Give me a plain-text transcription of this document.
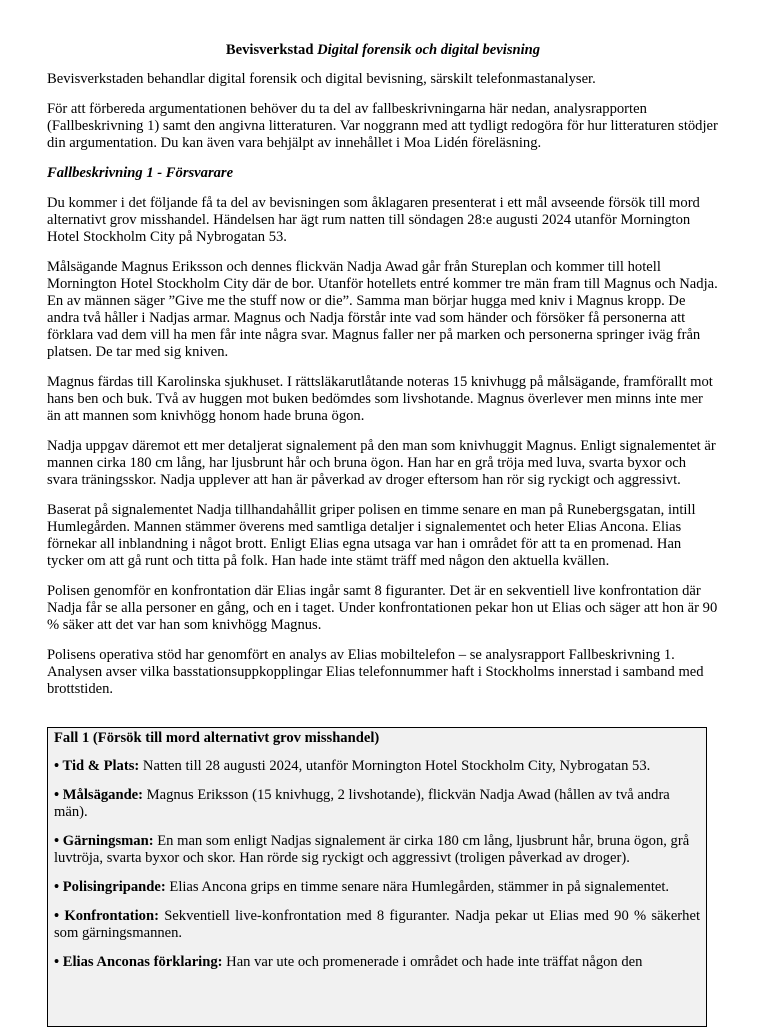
Bevisverkstad Digital forensik och digital bevisning

Bevisverkstaden behandlar digital forensik och digital bevisning, särskilt telefonmastanalyser.

För att förbereda argumentationen behöver du ta del av fallbeskrivningarna här nedan, analysrapporten (Fallbeskrivning 1) samt den angivna litteraturen. Var noggrann med att tydligt redogöra för hur litteraturen stödjer din argumentation. Du kan även vara behjälpt av innehållet i Moa Lidén föreläsning.

Fallbeskrivning 1 - Försvarare

Du kommer i det följande få ta del av bevisningen som åklagaren presenterat i ett mål avseende försök till mord alternativt grov misshandel. Händelsen har ägt rum natten till söndagen 28:e augusti 2024 utanför Mornington Hotel Stockholm City på Nybrogatan 53.

Målsägande Magnus Eriksson och dennes flickvän Nadja Awad går från Stureplan och kommer till hotell Mornington Hotel Stockholm City där de bor. Utanför hotellets entré kommer tre män fram till Magnus och Nadja. En av männen säger ”Give me the stuff now or die”. Samma man börjar hugga med kniv i Magnus kropp. De andra två håller i Nadjas armar. Magnus och Nadja förstår inte vad som händer och försöker få personerna att förklara vad dem vill ha men får inte några svar. Magnus faller ner på marken och personerna springer iväg från platsen. De tar med sig kniven.

Magnus färdas till Karolinska sjukhuset. I rättsläkarutlåtande noteras 15 knivhugg på målsägande, framförallt mot hans ben och buk. Två av huggen mot buken bedömdes som livshotande. Magnus överlever men minns inte mer än att mannen som knivhögg honom hade bruna ögon.

Nadja uppgav däremot ett mer detaljerat signalement på den man som knivhuggit Magnus. Enligt signalementet är mannen cirka 180 cm lång, har ljusbrunt hår och bruna ögon. Han har en grå tröja med luva, svarta byxor och svara träningsskor. Nadja upplever att han är påverkad av droger eftersom han rör sig ryckigt och aggressivt.

Baserat på signalementet Nadja tillhandahållit griper polisen en timme senare en man på Runebergsgatan, intill Humlegården. Mannen stämmer överens med samtliga detaljer i signalementet och heter Elias Ancona. Elias förnekar all inblandning i något brott. Enligt Elias egna utsaga var han i området för att ta en promenad. Han tycker om att gå runt och titta på folk. Han hade inte stämt träff med någon den aktuella kvällen.

Polisen genomför en konfrontation där Elias ingår samt 8 figuranter. Det är en sekventiell live konfrontation där Nadja får se alla personer en gång, och en i taget. Under konfrontationen pekar hon ut Elias och säger att hon är 90 % säker att det var han som knivhögg Magnus.

Polisens operativa stöd har genomfört en analys av Elias mobiltelefon – se analysrapport Fallbeskrivning 1. Analysen avser vilka basstationsuppkopplingar Elias telefonnummer haft i Stockholms innerstad i samband med brottstiden.

Fall 1 (Försök till mord alternativt grov misshandel)

• Tid & Plats: Natten till 28 augusti 2024, utanför Mornington Hotel Stockholm City, Nybrogatan 53.

• Målsägande: Magnus Eriksson (15 knivhugg, 2 livshotande), flickvän Nadja Awad (hållen av två andra män).

• Gärningsman: En man som enligt Nadjas signalement är cirka 180 cm lång, ljusbrunt hår, bruna ögon, grå luvtröja, svarta byxor och skor. Han rörde sig ryckigt och aggressivt (troligen påverkad av droger).

• Polisingripande: Elias Ancona grips en timme senare nära Humlegården, stämmer in på signalementet.

• Konfrontation: Sekventiell live-konfrontation med 8 figuranter. Nadja pekar ut Elias med 90 % säkerhet som gärningsmannen.

• Elias Anconas förklaring: Han var ute och promenerade i området och hade inte träffat någon den
